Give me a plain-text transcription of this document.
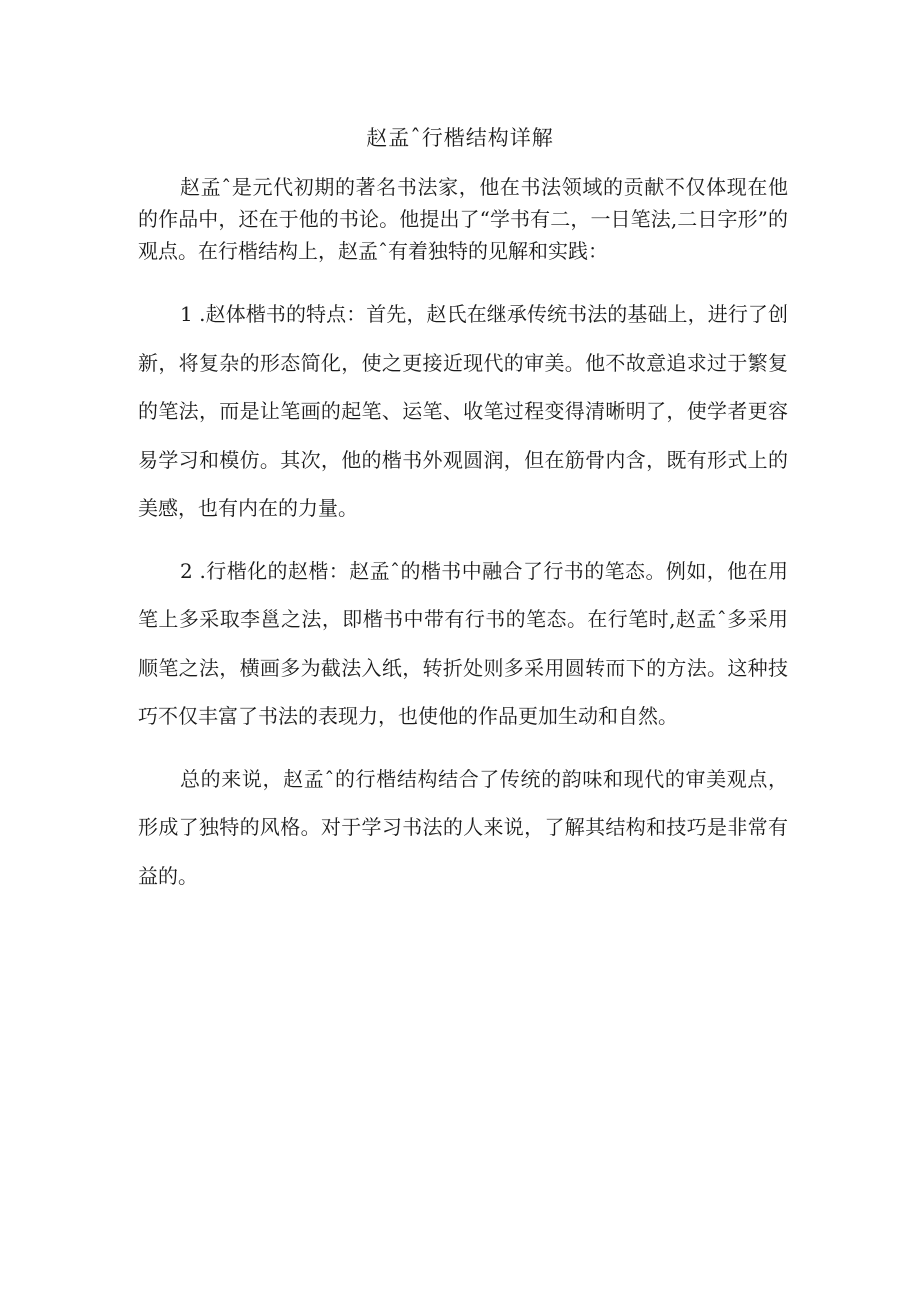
赵孟ˆ行楷结构详解

赵孟ˆ是元代初期的著名书法家，他在书法领域的贡献不仅体现在他的作品中，还在于他的书论。他提出了“学书有二，一日笔法,二日字形”的观点。在行楷结构上，赵孟ˆ有着独特的见解和实践：

1 .赵体楷书的特点：首先，赵氏在继承传统书法的基础上，进行了创新，将复杂的形态简化，使之更接近现代的审美。他不故意追求过于繁复的笔法，而是让笔画的起笔、运笔、收笔过程变得清晰明了，使学者更容易学习和模仿。其次，他的楷书外观圆润，但在筋骨内含，既有形式上的美感，也有内在的力量。

2 .行楷化的赵楷：赵孟ˆ的楷书中融合了行书的笔态。例如，他在用笔上多采取李邕之法，即楷书中带有行书的笔态。在行笔时,赵孟ˆ多采用顺笔之法，横画多为截法入纸，转折处则多采用圆转而下的方法。这种技巧不仅丰富了书法的表现力，也使他的作品更加生动和自然。

总的来说，赵孟ˆ的行楷结构结合了传统的韵味和现代的审美观点，形成了独特的风格。对于学习书法的人来说，了解其结构和技巧是非常有益的。
